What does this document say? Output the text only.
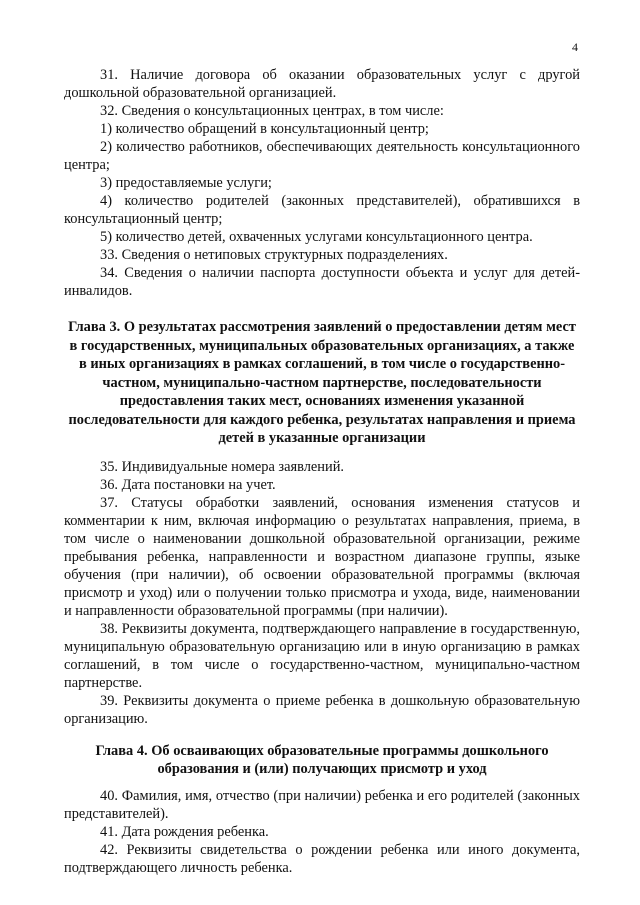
4

31. Наличие договора об оказании образовательных услуг с другой дошкольной образовательной организацией.

32. Сведения о консультационных центрах, в том числе:

1) количество обращений в консультационный центр;

2) количество работников, обеспечивающих деятельность консультационного центра;

3) предоставляемые услуги;

4) количество родителей (законных представителей), обратившихся в консультационный центр;

5) количество детей, охваченных услугами консультационного центра.

33. Сведения о нетиповых структурных подразделениях.

34. Сведения о наличии паспорта доступности объекта и услуг для детей-инвалидов.

Глава 3. О результатах рассмотрения заявлений о предоставлении детям мест в государственных, муниципальных образовательных организациях, а также в иных организациях в рамках соглашений, в том числе о государственно-частном, муниципально-частном партнерстве, последовательности предоставления таких мест, основаниях изменения указанной последовательности для каждого ребенка, результатах направления и приема детей в указанные организации

35. Индивидуальные номера заявлений.

36. Дата постановки на учет.

37. Статусы обработки заявлений, основания изменения статусов и комментарии к ним, включая информацию о результатах направления, приема, в том числе о наименовании дошкольной образовательной организации, режиме пребывания ребенка, направленности и возрастном диапазоне группы, языке обучения (при наличии), об освоении образовательной программы (включая присмотр и уход) или о получении только присмотра и ухода, виде, наименовании и направленности образовательной программы (при наличии).

38. Реквизиты документа, подтверждающего направление в государственную, муниципальную образовательную организацию или в иную организацию в рамках соглашений, в том числе о государственно-частном, муниципально-частном партнерстве.

39. Реквизиты документа о приеме ребенка в дошкольную образовательную организацию.

Глава 4. Об осваивающих образовательные программы дошкольного образования и (или) получающих присмотр и уход

40. Фамилия, имя, отчество (при наличии) ребенка и его родителей (законных представителей).

41. Дата рождения ребенка.

42. Реквизиты свидетельства о рождении ребенка или иного документа, подтверждающего личность ребенка.
